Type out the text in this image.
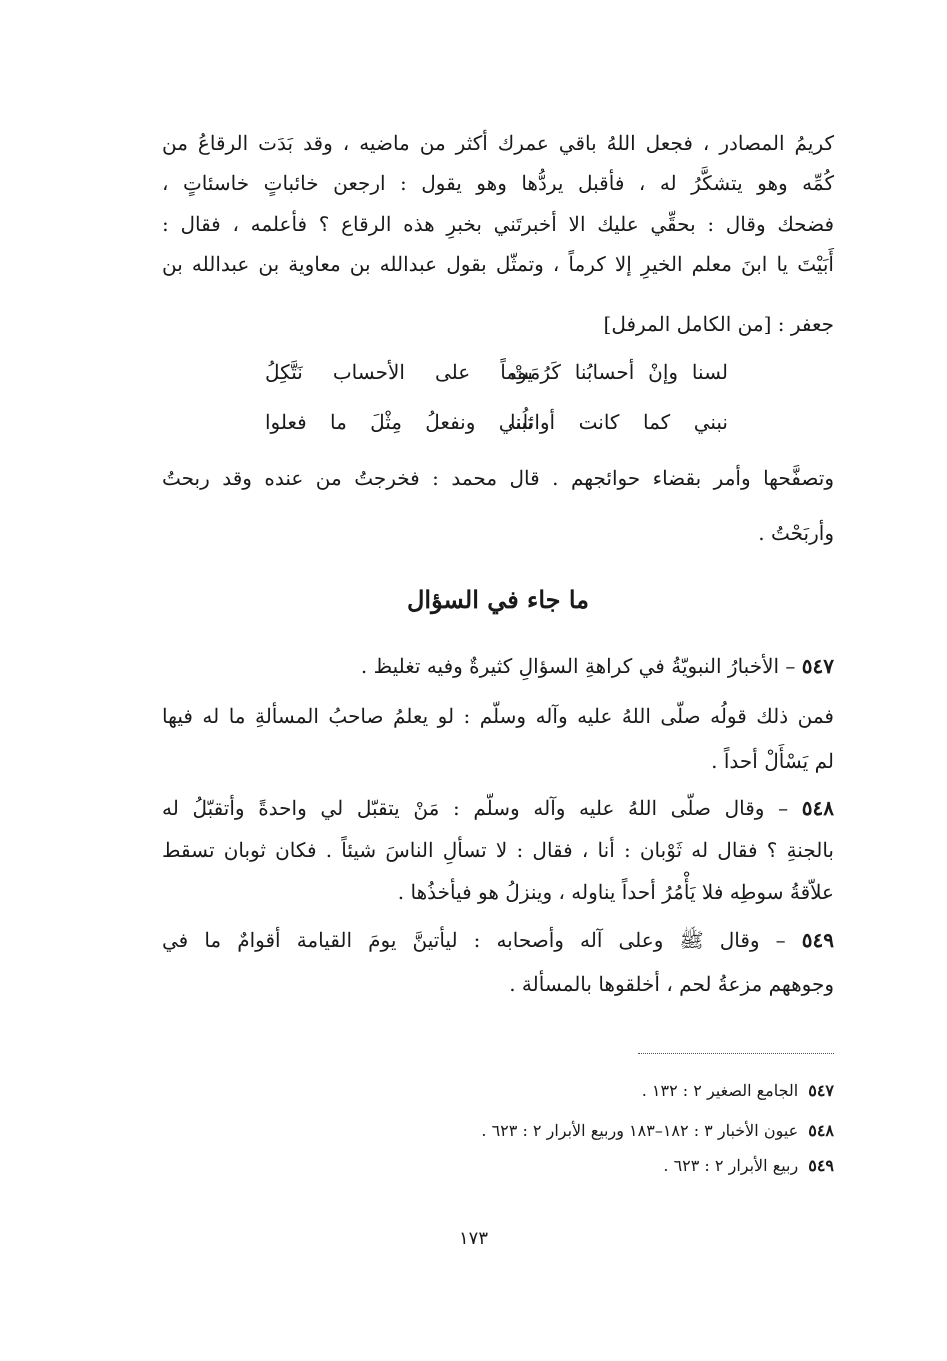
كريمُ المصادر ، فجعل اللهُ باقي عمرك أكثر من ماضيه ، وقد بَدَت الرقاعُ من
كُمِّه وهو يتشكَّرُ له ، فأقبل يردُّها وهو يقول : ارجعن خائباتٍ خاسئاتٍ ،
فضحك وقال : بحقِّي عليك الا أخبرتَني بخبرِ هذه الرقاع ؟ فأعلمه ، فقال :
أَبَيْتَ يا ابنَ معلم الخيرِ إلا كرماً ، وتمثّل بقول عبدالله بن معاوية بن عبدالله بن
جعفر : [من الكامل المرفل]
لسنا وإنْ أحسابُنا كَرُمَتْ
يوماً على الأحساب نَتَّكِلُ
نبني كما كانت أوائلُنا
تبني ونفعلُ مِثْلَ ما فعلوا
وتصفَّحها وأمر بقضاء حوائجهم . قال محمد : فخرجتُ من عنده وقد ربحتُ
وأربَحْتُ .
ما جاء في السؤال
٥٤٧ – الأخبارُ النبويّةُ في كراهةِ السؤالِ كثيرةٌ وفيه تغليظ .
فمن ذلك قولُه صلّى اللهُ عليه وآله وسلّم : لو يعلمُ صاحبُ المسألةِ ما له فيها
لم يَسْأَلْ أحداً .
٥٤٨ – وقال صلّى اللهُ عليه وآله وسلّم : مَنْ يتقبّل لي واحدةً وأتقبّلُ له
بالجنةِ ؟ فقال له ثَوْبان : أنا ، فقال : لا تسألِ الناسَ شيئاً . فكان ثوبان تسقط
علاّقةُ سوطِه فلا يَأْمُرُ أحداً يناوله ، وينزلُ هو فيأخذُها .
٥٤٩ – وقال ﷺ وعلى آله وأصحابه : ليأتينَّ يومَ القيامة أقوامٌ ما في
وجوههم مزعةُ لحم ، أخلقوها بالمسألة .
٥٤٧الجامع الصغير ٢ : ١٣٢ .
٥٤٨عيون الأخبار ٣ : ١٨٢–١٨٣ وربيع الأبرار ٢ : ٦٢٣ .
٥٤٩ربيع الأبرار ٢ : ٦٢٣ .
١٧٣
